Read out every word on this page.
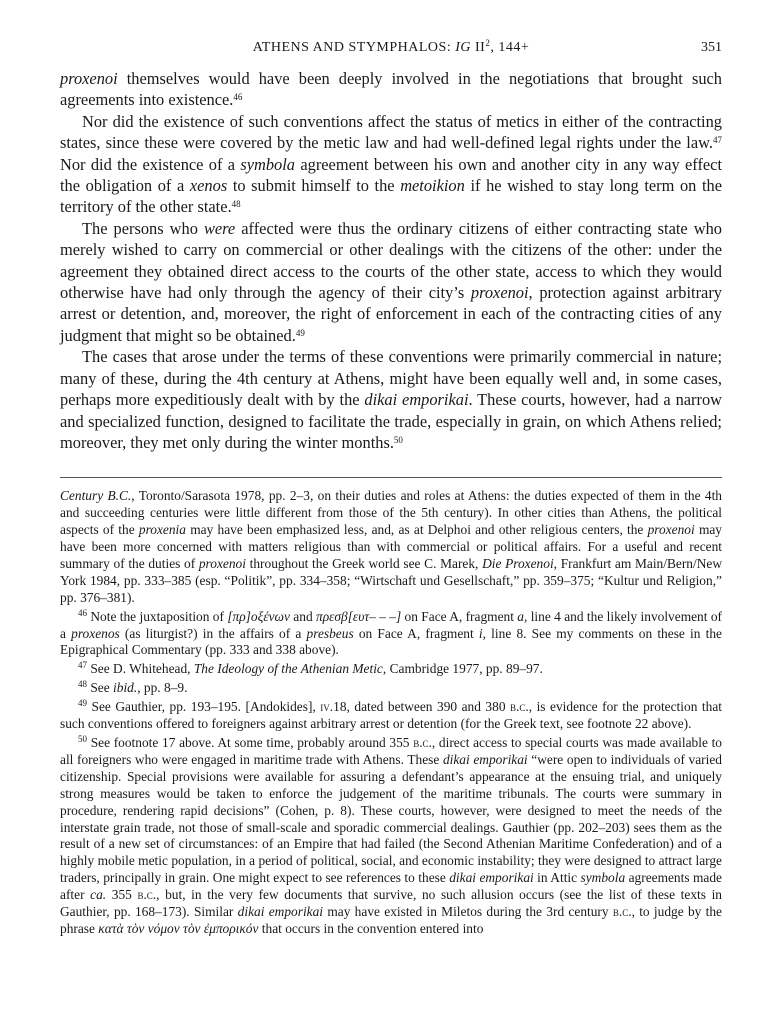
ATHENS AND STYMPHALOS: IG $II^2$, 144+	351

proxenoi themselves would have been deeply involved in the negotiations that brought such agreements into existence.$^{46}$

Nor did the existence of such conventions affect the status of metics in either of the contracting states, since these were covered by the metic law and had well-defined legal rights under the law.$^{47}$ Nor did the existence of a symbola agreement between his own and another city in any way effect the obligation of a xenos to submit himself to the metoikion if he wished to stay long term on the territory of the other state.$^{48}$

The persons who were affected were thus the ordinary citizens of either contracting state who merely wished to carry on commercial or other dealings with the citizens of the other: under the agreement they obtained direct access to the courts of the other state, access to which they would otherwise have had only through the agency of their city’s proxenoi, protection against arbitrary arrest or detention, and, moreover, the right of enforcement in each of the contracting cities of any judgment that might so be obtained.$^{49}$

The cases that arose under the terms of these conventions were primarily commercial in nature; many of these, during the 4th century at Athens, might have been equally well and, in some cases, perhaps more expeditiously dealt with by the dikai emporikai. These courts, however, had a narrow and specialized function, designed to facilitate the trade, especially in grain, on which Athens relied; moreover, they met only during the winter months.$^{50}$

Century B.C., Toronto/Sarasota 1978, pp. 2–3, on their duties and roles at Athens: the duties expected of them in the 4th and succeeding centuries were little different from those of the 5th century). In other cities than Athens, the political aspects of the proxenia may have been emphasized less, and, as at Delphoi and other religious centers, the proxenoi may have been more concerned with matters religious than with commercial or political affairs. For a useful and recent summary of the duties of proxenoi throughout the Greek world see C. Marek, Die Proxenoi, Frankfurt am Main/Bern/New York 1984, pp. 333–385 (esp. “Politik”, pp. 334–358; “Wirtschaft und Gesellschaft,” pp. 359–375; “Kultur und Religion,” pp. 376–381).

$^{46}$ Note the juxtaposition of [πρ]οξένων and πρεσβ[ευτ– – –] on Face A, fragment a, line 4 and the likely involvement of a proxenos (as liturgist?) in the affairs of a presbeus on Face A, fragment i, line 8. See my comments on these in the Epigraphical Commentary (pp. 333 and 338 above).

$^{47}$ See D. Whitehead, The Ideology of the Athenian Metic, Cambridge 1977, pp. 89–97.

$^{48}$ See ibid., pp. 8–9.

$^{49}$ See Gauthier, pp. 193–195. [Andokides], iv.18, dated between 390 and 380 b.c., is evidence for the protection that such conventions offered to foreigners against arbitrary arrest or detention (for the Greek text, see footnote 22 above).

$^{50}$ See footnote 17 above. At some time, probably around 355 b.c., direct access to special courts was made available to all foreigners who were engaged in maritime trade with Athens. These dikai emporikai “were open to individuals of varied citizenship. Special provisions were available for assuring a defendant’s appearance at the ensuing trial, and uniquely strong measures would be taken to enforce the judgement of the maritime tribunals. The courts were summary in procedure, rendering rapid decisions” (Cohen, p. 8). These courts, however, were designed to meet the needs of the interstate grain trade, not those of small-scale and sporadic commercial dealings. Gauthier (pp. 202–203) sees them as the result of a new set of circumstances: of an Empire that had failed (the Second Athenian Maritime Confederation) and of a highly mobile metic population, in a period of political, social, and economic instability; they were designed to attract large traders, principally in grain. One might expect to see references to these dikai emporikai in Attic symbola agreements made after ca. 355 b.c., but, in the very few documents that survive, no such allusion occurs (see the list of these texts in Gauthier, pp. 168–173). Similar dikai emporikai may have existed in Miletos during the 3rd century b.c., to judge by the phrase κατὰ τὸν νόμον τὸν ἐμπορικόν that occurs in the convention entered into
